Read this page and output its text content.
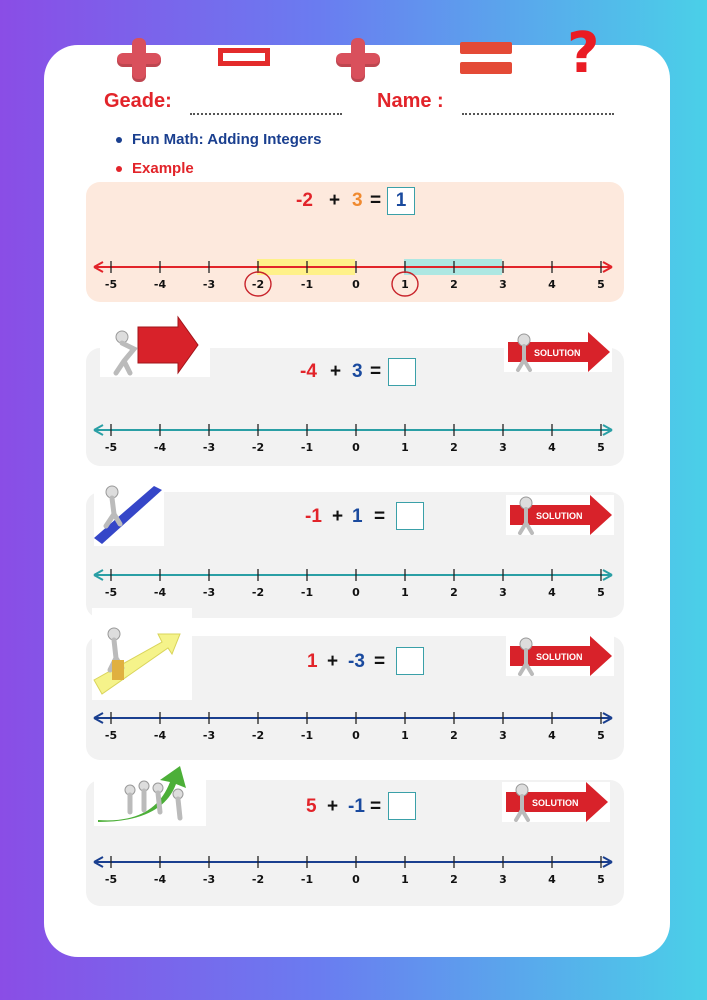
?
Geade:	Name :
Fun Math: Adding Integers
Example
-2 + 3 = 1
-4 + 3 =
-1 + 1 =
1 + -3 =
5 + -1 =
SOLUTION
SOLUTION
SOLUTION
SOLUTION
-5	-4	-3	-2	-1	0	1	2	3	4	5
-5	-4	-3	-2	-1	0	1	2	3	4	5
-5	-4	-3	-2	-1	0	1	2	3	4	5
-5	-4	-3	-2	-1	0	1	2	3	4	5
-5	-4	-3	-2	-1	0	1	2	3	4	5
